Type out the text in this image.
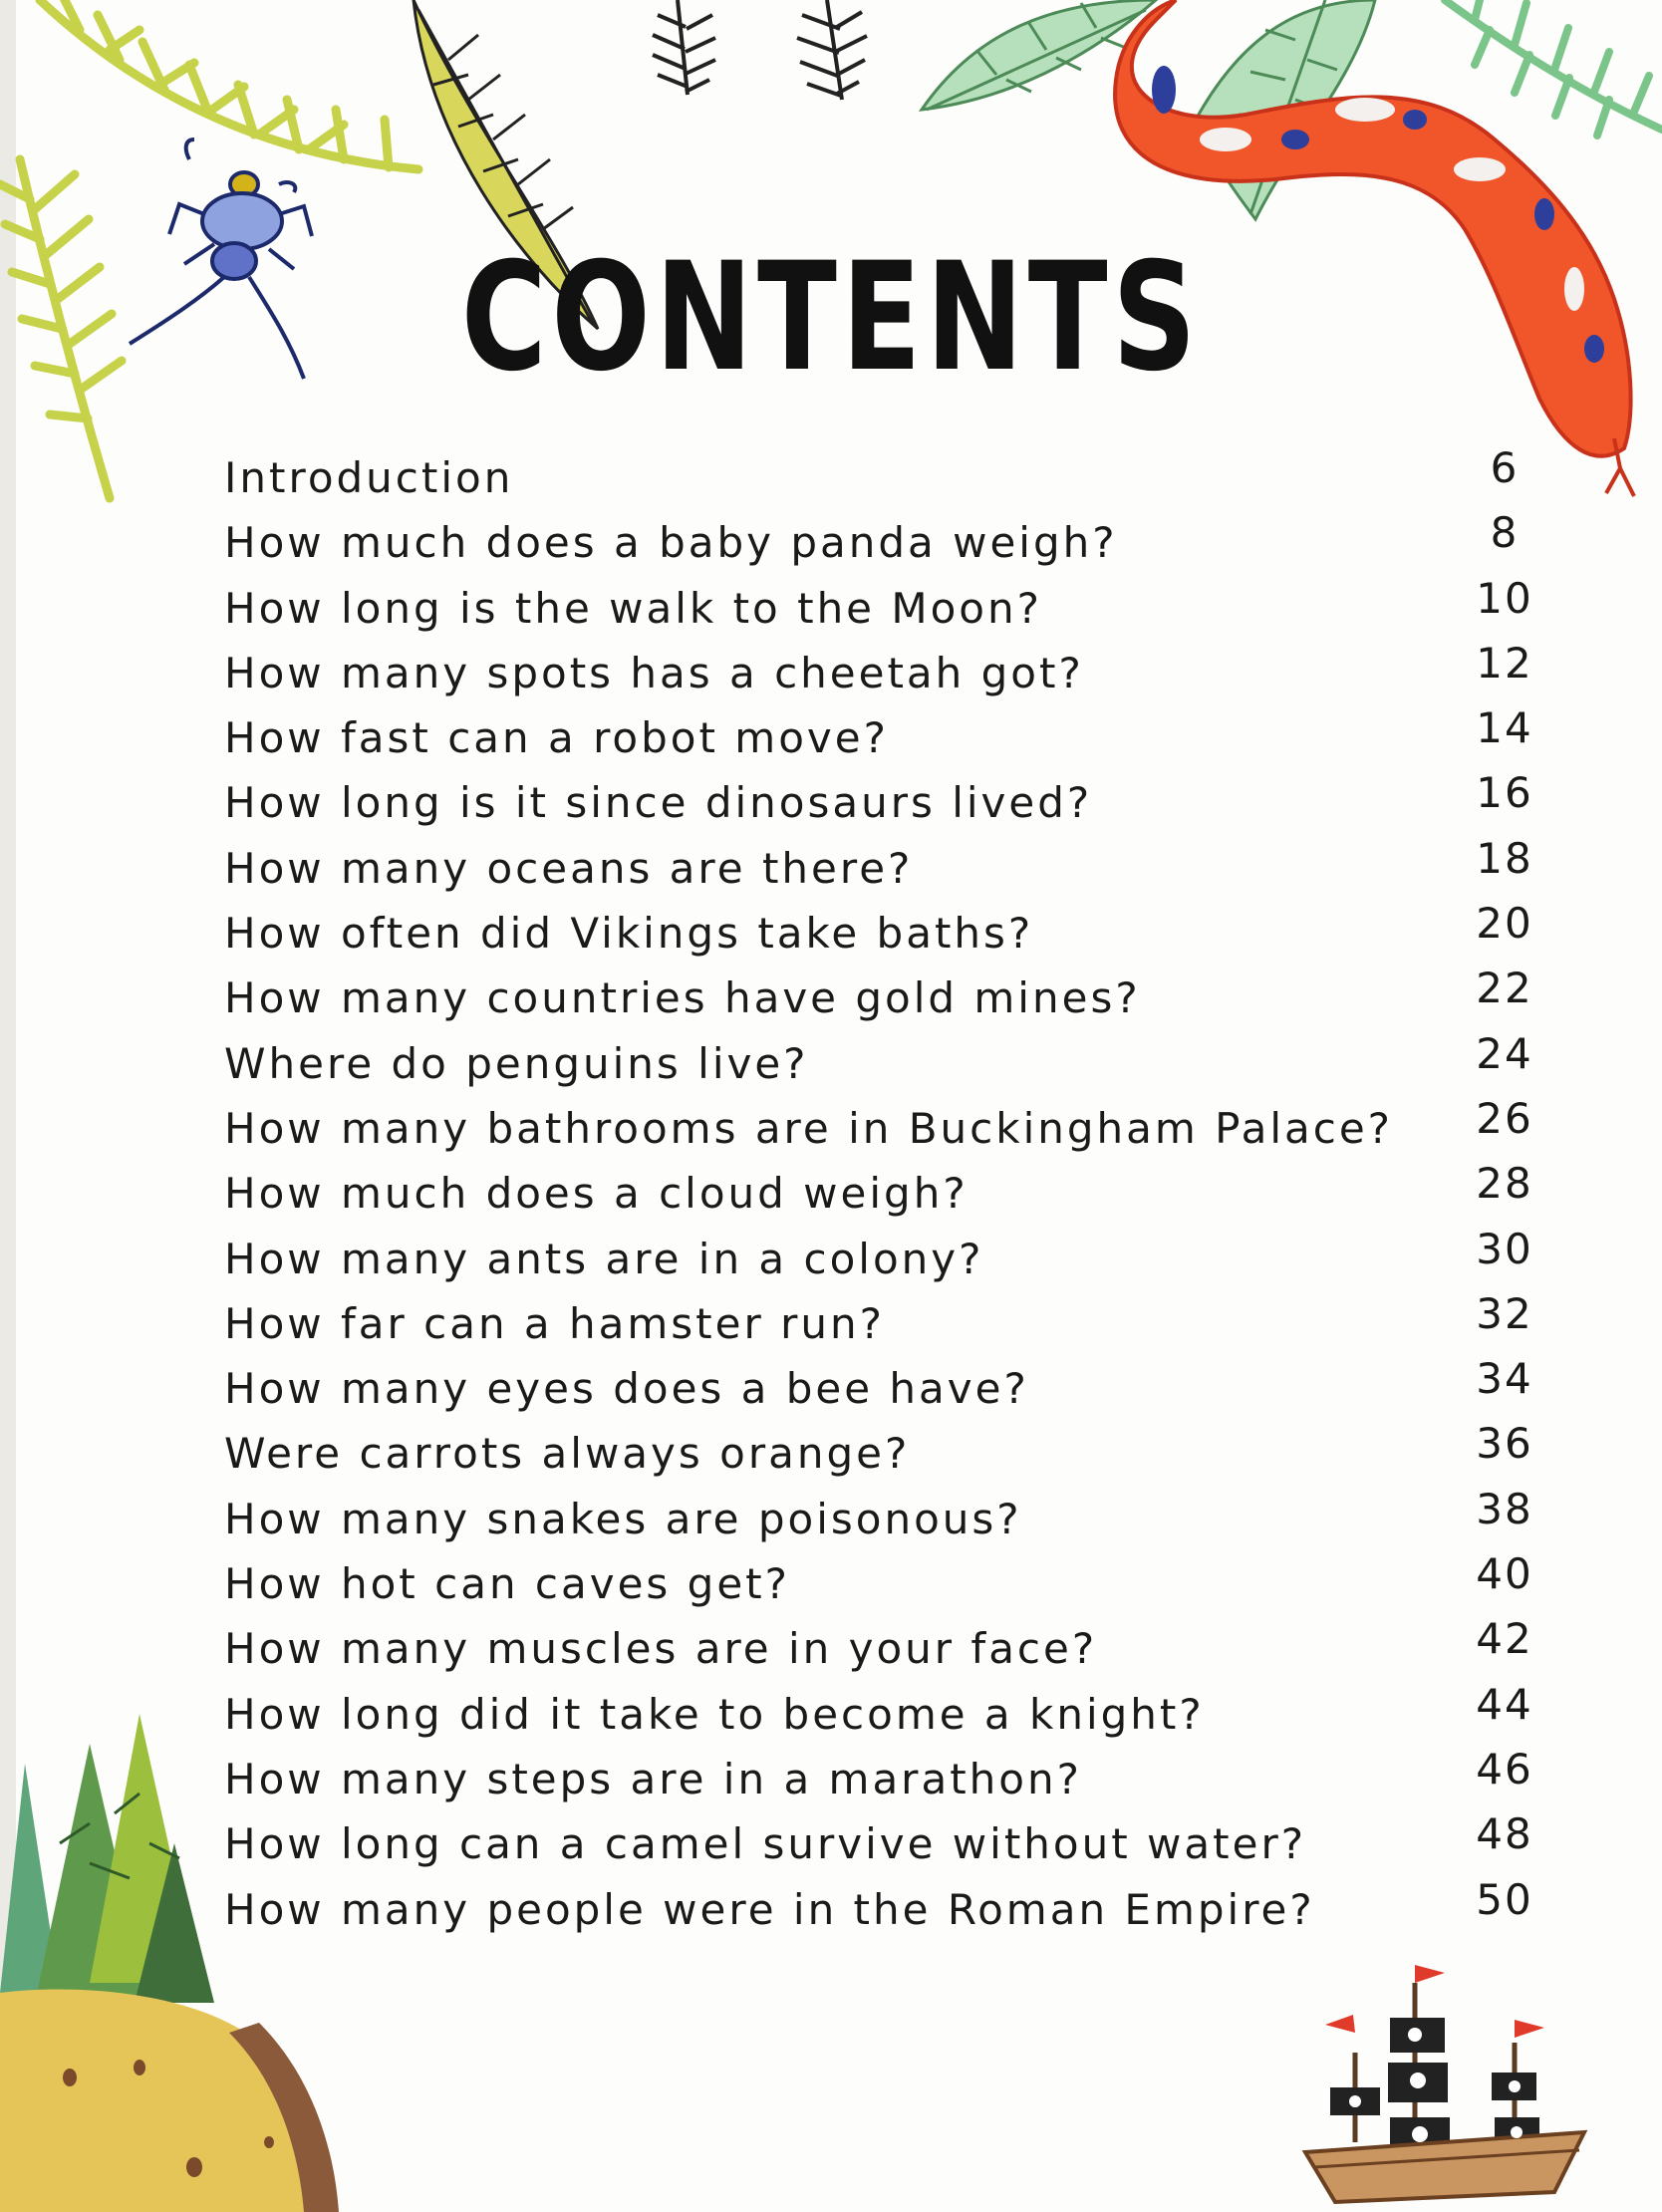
CONTENTS
Introduction	6
How much does a baby panda weigh?	8
How long is the walk to the Moon?	10
How many spots has a cheetah got?	12
How fast can a robot move?	14
How long is it since dinosaurs lived?	16
How many oceans are there?	18
How often did Vikings take baths?	20
How many countries have gold mines?	22
Where do penguins live?	24
How many bathrooms are in Buckingham Palace?	26
How much does a cloud weigh?	28
How many ants are in a colony?	30
How far can a hamster run?	32
How many eyes does a bee have?	34
Were carrots always orange?	36
How many snakes are poisonous?	38
How hot can caves get?	40
How many muscles are in your face?	42
How long did it take to become a knight?	44
How many steps are in a marathon?	46
How long can a camel survive without water?	48
How many people were in the Roman Empire?	50
